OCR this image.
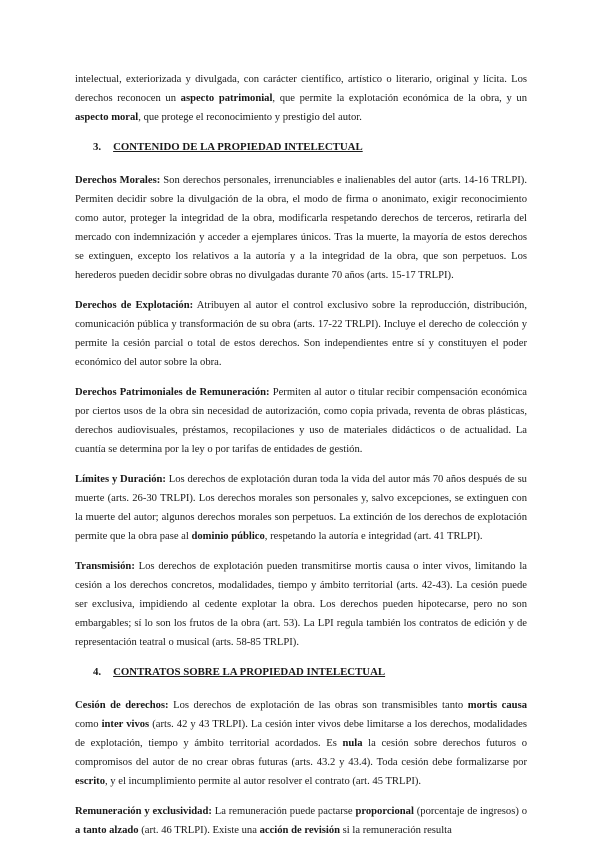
intelectual, exteriorizada y divulgada, con carácter científico, artístico o literario, original y lícita. Los derechos reconocen un aspecto patrimonial, que permite la explotación económica de la obra, y un aspecto moral, que protege el reconocimiento y prestigio del autor.

3. CONTENIDO DE LA PROPIEDAD INTELECTUAL

Derechos Morales: Son derechos personales, irrenunciables e inalienables del autor (arts. 14-16 TRLPI). Permiten decidir sobre la divulgación de la obra, el modo de firma o anonimato, exigir reconocimiento como autor, proteger la integridad de la obra, modificarla respetando derechos de terceros, retirarla del mercado con indemnización y acceder a ejemplares únicos. Tras la muerte, la mayoría de estos derechos se extinguen, excepto los relativos a la autoría y a la integridad de la obra, que son perpetuos. Los herederos pueden decidir sobre obras no divulgadas durante 70 años (arts. 15-17 TRLPI).

Derechos de Explotación: Atribuyen al autor el control exclusivo sobre la reproducción, distribución, comunicación pública y transformación de su obra (arts. 17-22 TRLPI). Incluye el derecho de colección y permite la cesión parcial o total de estos derechos. Son independientes entre sí y constituyen el poder económico del autor sobre la obra.

Derechos Patrimoniales de Remuneración: Permiten al autor o titular recibir compensación económica por ciertos usos de la obra sin necesidad de autorización, como copia privada, reventa de obras plásticas, derechos audiovisuales, préstamos, recopilaciones y uso de materiales didácticos o de actualidad. La cuantía se determina por la ley o por tarifas de entidades de gestión.

Límites y Duración: Los derechos de explotación duran toda la vida del autor más 70 años después de su muerte (arts. 26-30 TRLPI). Los derechos morales son personales y, salvo excepciones, se extinguen con la muerte del autor; algunos derechos morales son perpetuos. La extinción de los derechos de explotación permite que la obra pase al dominio público, respetando la autoría e integridad (art. 41 TRLPI).

Transmisión: Los derechos de explotación pueden transmitirse mortis causa o inter vivos, limitando la cesión a los derechos concretos, modalidades, tiempo y ámbito territorial (arts. 42-43). La cesión puede ser exclusiva, impidiendo al cedente explotar la obra. Los derechos pueden hipotecarse, pero no son embargables; sí lo son los frutos de la obra (art. 53). La LPI regula también los contratos de edición y de representación teatral o musical (arts. 58-85 TRLPI).

4. CONTRATOS SOBRE LA PROPIEDAD INTELECTUAL

Cesión de derechos: Los derechos de explotación de las obras son transmisibles tanto mortis causa como inter vivos (arts. 42 y 43 TRLPI). La cesión inter vivos debe limitarse a los derechos, modalidades de explotación, tiempo y ámbito territorial acordados. Es nula la cesión sobre derechos futuros o compromisos del autor de no crear obras futuras (arts. 43.2 y 43.4). Toda cesión debe formalizarse por escrito, y el incumplimiento permite al autor resolver el contrato (art. 45 TRLPI).

Remuneración y exclusividad: La remuneración puede pactarse proporcional (porcentaje de ingresos) o a tanto alzado (art. 46 TRLPI). Existe una acción de revisión si la remuneración resulta
